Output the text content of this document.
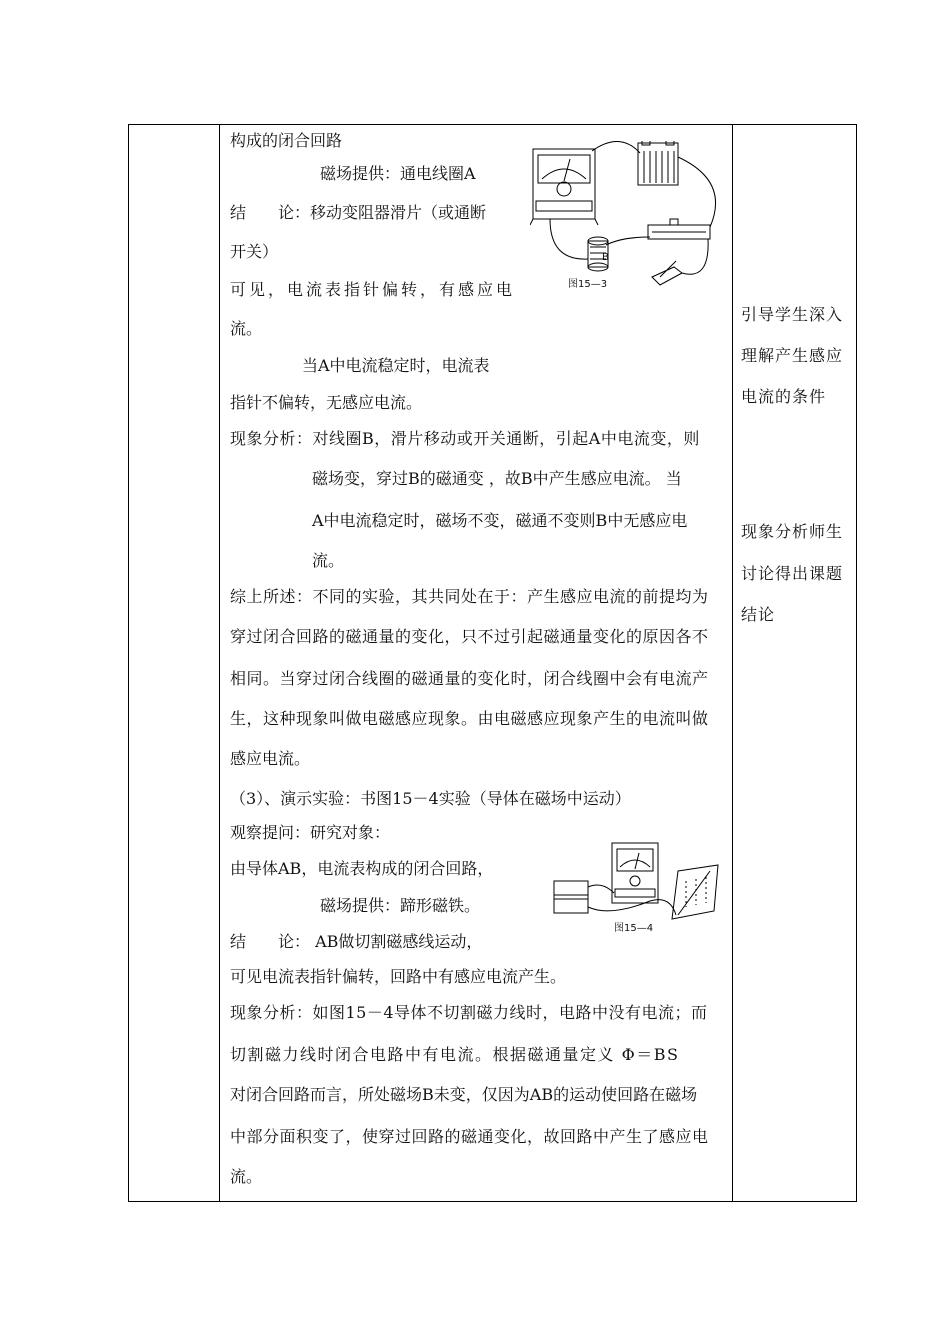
构成的闭合回路
磁场提供：通电线圈A
结　　论：移动变阻器滑片（或通断
开关）
可见，电流表指针偏转，有感应电
流。
当A中电流稳定时，电流表
指针不偏转，无感应电流。
现象分析：对线圈B，滑片移动或开关通断，引起A中电流变，则
磁场变，穿过B的磁通变 ，故B中产生感应电流。 当
A中电流稳定时，磁场不变，磁通不变则B中无感应电
流。
综上所述：不同的实验，其共同处在于：产生感应电流的前提均为
穿过闭合回路的磁通量的变化，只不过引起磁通量变化的原因各不
相同。当穿过闭合线圈的磁通量的变化时，闭合线圈中会有电流产
生，这种现象叫做电磁感应现象。由电磁感应现象产生的电流叫做
感应电流。
（3）、演示实验：书图15－4实验（导体在磁场中运动）
观察提问：研究对象：
由导体AB，电流表构成的闭合回路，
磁场提供：蹄形磁铁。
结　　论： AB做切割磁感线运动，
可见电流表指针偏转，回路中有感应电流产生。
现象分析：如图15－4导体不切割磁力线时，电路中没有电流；而
切割磁力线时闭合电路中有电流。根据磁通量定义 Φ＝BS
对闭合回路而言，所处磁场B未变，仅因为AB的运动使回路在磁场
中部分面积变了，使穿过回路的磁通变化，故回路中产生了感应电
流。
B
图15—3
图15—4
引导学生深入
理解产生感应
电流的条件
现象分析师生
讨论得出课题
结论
